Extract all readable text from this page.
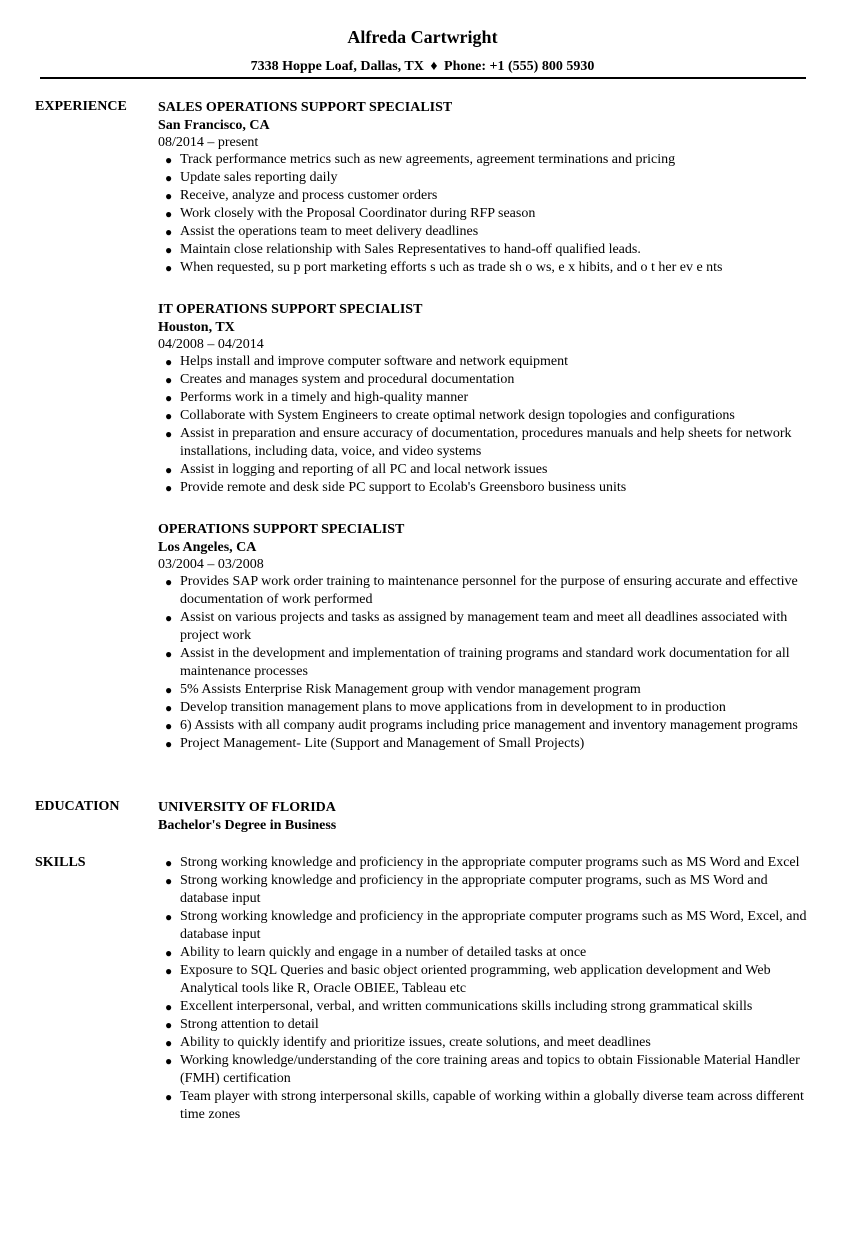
Alfreda Cartwright
7338 Hoppe Loaf, Dallas, TX ♦ Phone: +1 (555) 800 5930
EXPERIENCE	SALES OPERATIONS SUPPORT SPECIALIST
San Francisco, CA
08/2014 – present
● Track performance metrics such as new agreements, agreement terminations and pricing
● Update sales reporting daily
● Receive, analyze and process customer orders
● Work closely with the Proposal Coordinator during RFP season
● Assist the operations team to meet delivery deadlines
● Maintain close relationship with Sales Representatives to hand-off qualified leads.
● When requested, su p port marketing efforts s uch as trade sh o ws, e x hibits, and o t her ev e nts
IT OPERATIONS SUPPORT SPECIALIST
Houston, TX
04/2008 – 04/2014
● Helps install and improve computer software and network equipment
● Creates and manages system and procedural documentation
● Performs work in a timely and high-quality manner
● Collaborate with System Engineers to create optimal network design topologies and configurations
● Assist in preparation and ensure accuracy of documentation, procedures manuals and help sheets for network installations, including data, voice, and video systems
● Assist in logging and reporting of all PC and local network issues
● Provide remote and desk side PC support to Ecolab's Greensboro business units
OPERATIONS SUPPORT SPECIALIST
Los Angeles, CA
03/2004 – 03/2008
● Provides SAP work order training to maintenance personnel for the purpose of ensuring accurate and effective documentation of work performed
● Assist on various projects and tasks as assigned by management team and meet all deadlines associated with project work
● Assist in the development and implementation of training programs and standard work documentation for all maintenance processes
● 5% Assists Enterprise Risk Management group with vendor management program
● Develop transition management plans to move applications from in development to in production
● 6) Assists with all company audit programs including price management and inventory management programs
● Project Management- Lite (Support and Management of Small Projects)
EDUCATION	UNIVERSITY OF FLORIDA
Bachelor's Degree in Business
SKILLS	● Strong working knowledge and proficiency in the appropriate computer programs such as MS Word and Excel
● Strong working knowledge and proficiency in the appropriate computer programs, such as MS Word and database input
● Strong working knowledge and proficiency in the appropriate computer programs such as MS Word, Excel, and database input
● Ability to learn quickly and engage in a number of detailed tasks at once
● Exposure to SQL Queries and basic object oriented programming, web application development and Web Analytical tools like R, Oracle OBIEE, Tableau etc
● Excellent interpersonal, verbal, and written communications skills including strong grammatical skills
● Strong attention to detail
● Ability to quickly identify and prioritize issues, create solutions, and meet deadlines
● Working knowledge/understanding of the core training areas and topics to obtain Fissionable Material Handler (FMH) certification
● Team player with strong interpersonal skills, capable of working within a globally diverse team across different time zones
